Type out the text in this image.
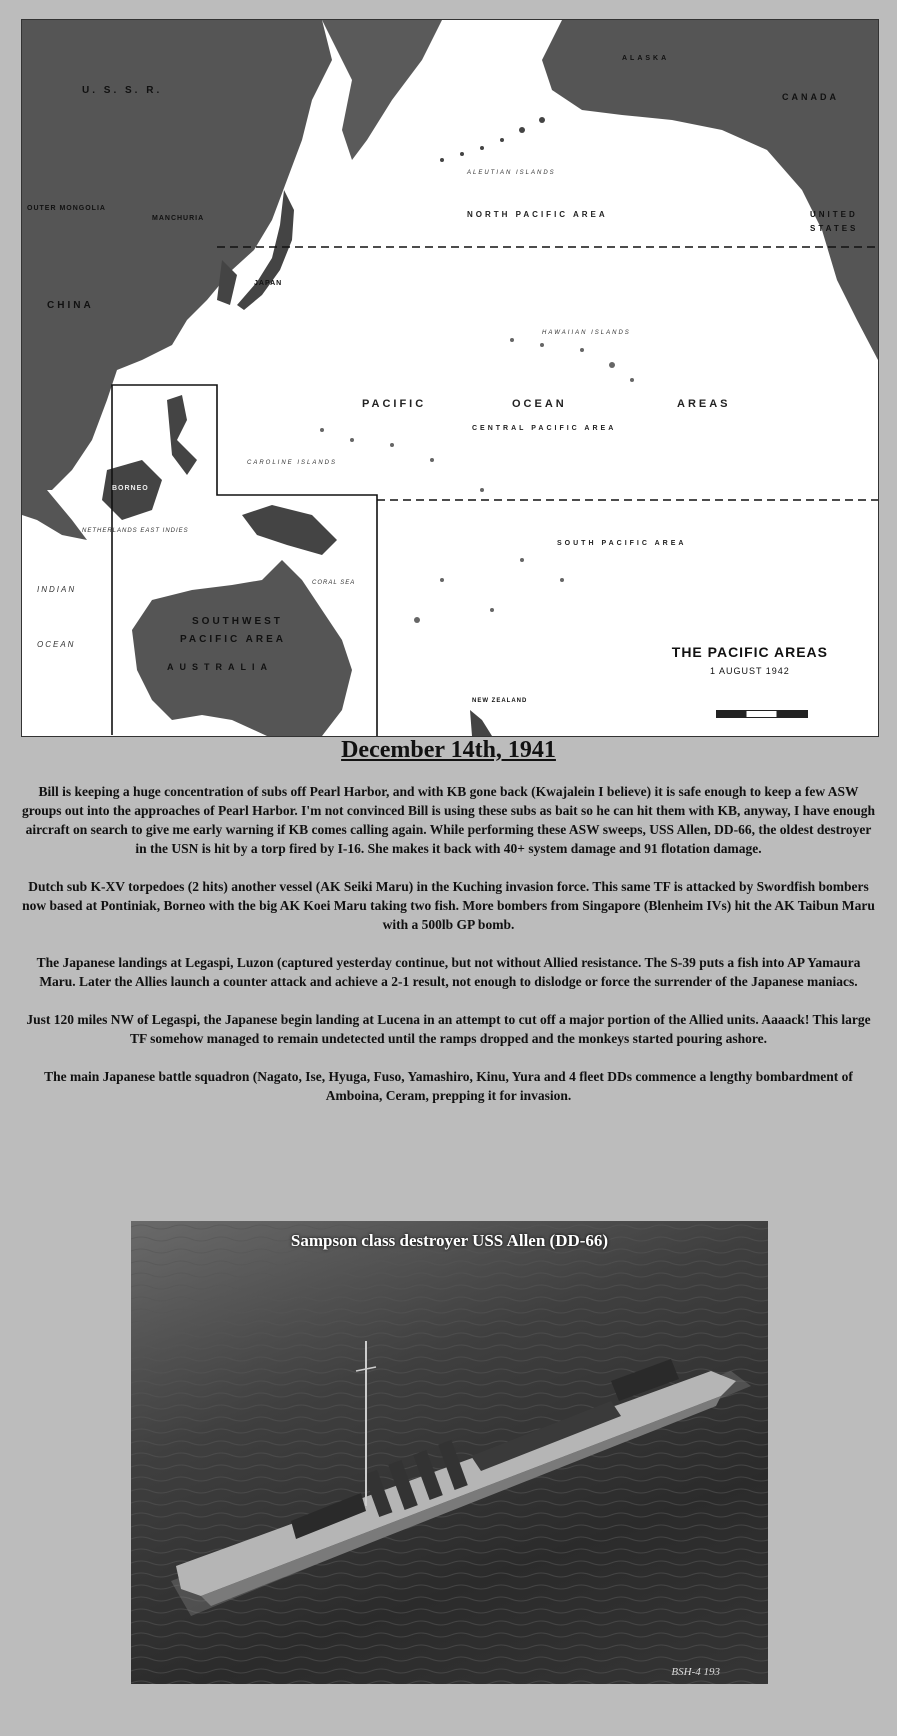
U. S. S. R.
CANADA
UNITED STATES
CHINA
OUTER MONGOLIA
MANCHURIA
JAPAN
BORNEO
AUSTRALIA
ALASKA
NEW ZEALAND
NORTH PACIFIC AREA
PACIFIC	OCEAN	AREAS
CENTRAL PACIFIC AREA
SOUTH PACIFIC AREA
SOUTHWEST
PACIFIC AREA
INDIAN
OCEAN
HAWAIIAN ISLANDS
ALEUTIAN ISLANDS
CAROLINE ISLANDS
NETHERLANDS EAST INDIES
CORAL SEA
THE PACIFIC AREAS
1 AUGUST 1942
December 14th, 1941

Bill is keeping a huge concentration of subs off Pearl Harbor, and with KB gone back (Kwajalein I believe) it is safe enough to keep a few ASW groups out into the approaches of Pearl Harbor. I'm not convinced Bill is using these subs as bait so he can hit them with KB, anyway, I have enough aircraft on search to give me early warning if KB comes calling again. While performing these ASW sweeps, USS Allen, DD-66, the oldest destroyer in the USN is hit by a torp fired by I-16. She makes it back with 40+ system damage and 91 flotation damage.

Dutch sub K-XV torpedoes (2 hits) another vessel (AK Seiki Maru) in the Kuching invasion force. This same TF is attacked by Swordfish bombers now based at Pontiniak, Borneo with the big AK Koei Maru taking two fish. More bombers from Singapore (Blenheim IVs) hit the AK Taibun Maru with a 500lb GP bomb.

The Japanese landings at Legaspi, Luzon (captured yesterday continue, but not without Allied resistance. The S-39 puts a fish into AP Yamaura Maru. Later the Allies launch a counter attack and achieve a 2-1 result, not enough to dislodge or force the surrender of the Japanese maniacs.

Just 120 miles NW of Legaspi, the Japanese begin landing at Lucena in an attempt to cut off a major portion of the Allied units. Aaaack! This large TF somehow managed to remain undetected until the ramps dropped and the monkeys started pouring ashore.

The main Japanese battle squadron (Nagato, Ise, Hyuga, Fuso, Yamashiro, Kinu, Yura and 4 fleet DDs commence a lengthy bombardment of Amboina, Ceram, prepping it for invasion.

Sampson class destroyer USS Allen (DD-66)
BSH-4 193
